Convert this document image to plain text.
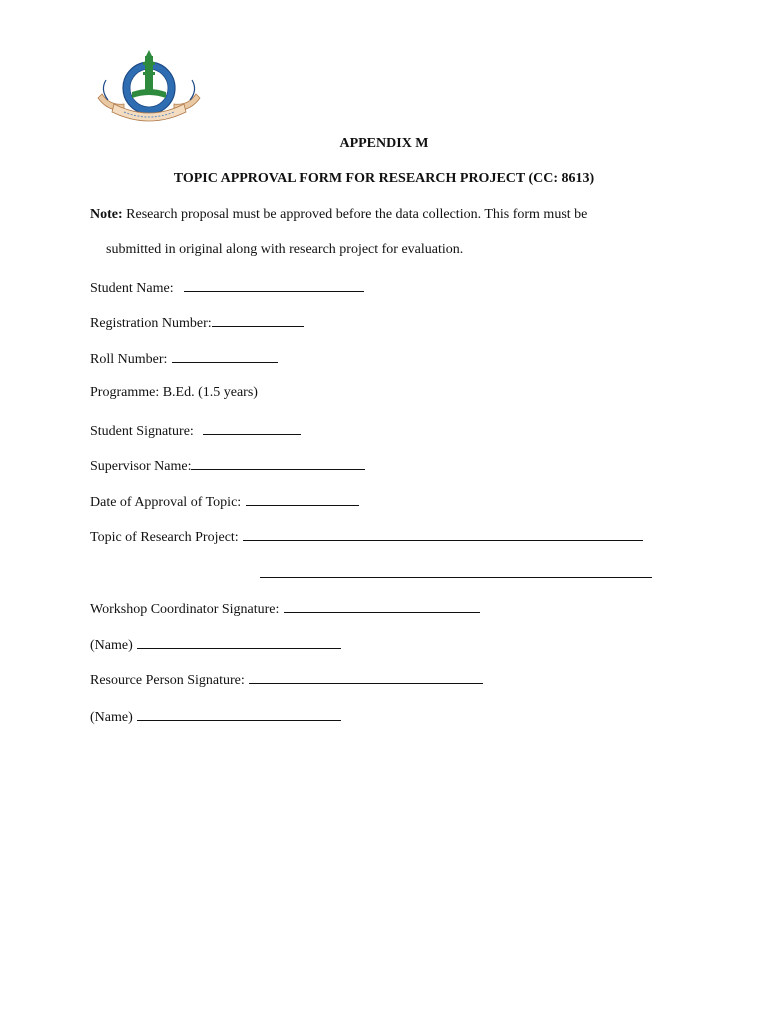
APPENDIX M
TOPIC APPROVAL FORM FOR RESEARCH PROJECT (CC: 8613)
Note: Research proposal must be approved before the data collection. This form must be
submitted in original along with research project for evaluation.
Student Name:
Registration Number:
Roll Number:
Programme: B.Ed. (1.5 years)
Student Signature:
Supervisor Name:
Date of Approval of Topic:
Topic of Research Project:
Workshop Coordinator Signature:
(Name)
Resource Person Signature:
(Name)
